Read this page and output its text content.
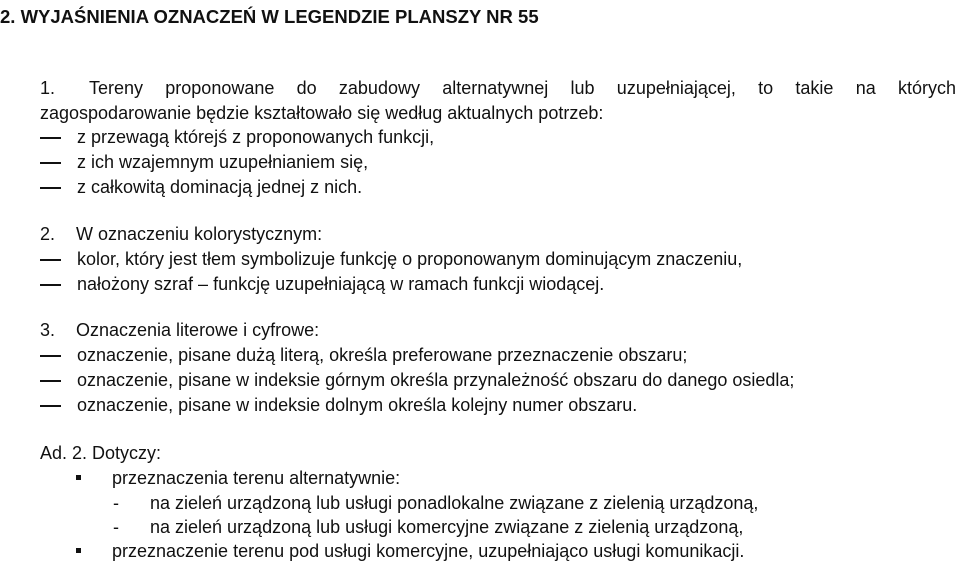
2. WYJAŚNIENIA OZNACZEŃ W LEGENDZIE PLANSZY NR 55
1. Tereny proponowane do zabudowy alternatywnej lub uzupełniającej, to takie na których
zagospodarowanie będzie kształtowało się według aktualnych potrzeb:
z przewagą którejś z proponowanych funkcji,
z ich wzajemnym uzupełnianiem się,
z całkowitą dominacją jednej z nich.
2. W oznaczeniu kolorystycznym:
kolor, który jest tłem symbolizuje funkcję o proponowanym dominującym znaczeniu,
nałożony szraf – funkcję uzupełniającą w ramach funkcji wiodącej.
3. Oznaczenia literowe i cyfrowe:
oznaczenie, pisane dużą literą, określa preferowane przeznaczenie obszaru;
oznaczenie, pisane w indeksie górnym określa przynależność obszaru do danego osiedla;
oznaczenie, pisane w indeksie dolnym określa kolejny numer obszaru.
Ad. 2. Dotyczy:
przeznaczenia terenu alternatywnie:
- na zieleń urządzoną lub usługi ponadlokalne związane z zielenią urządzoną,
- na zieleń urządzoną lub usługi komercyjne związane z zielenią urządzoną,
przeznaczenie terenu pod usługi komercyjne, uzupełniająco usługi komunikacji.
